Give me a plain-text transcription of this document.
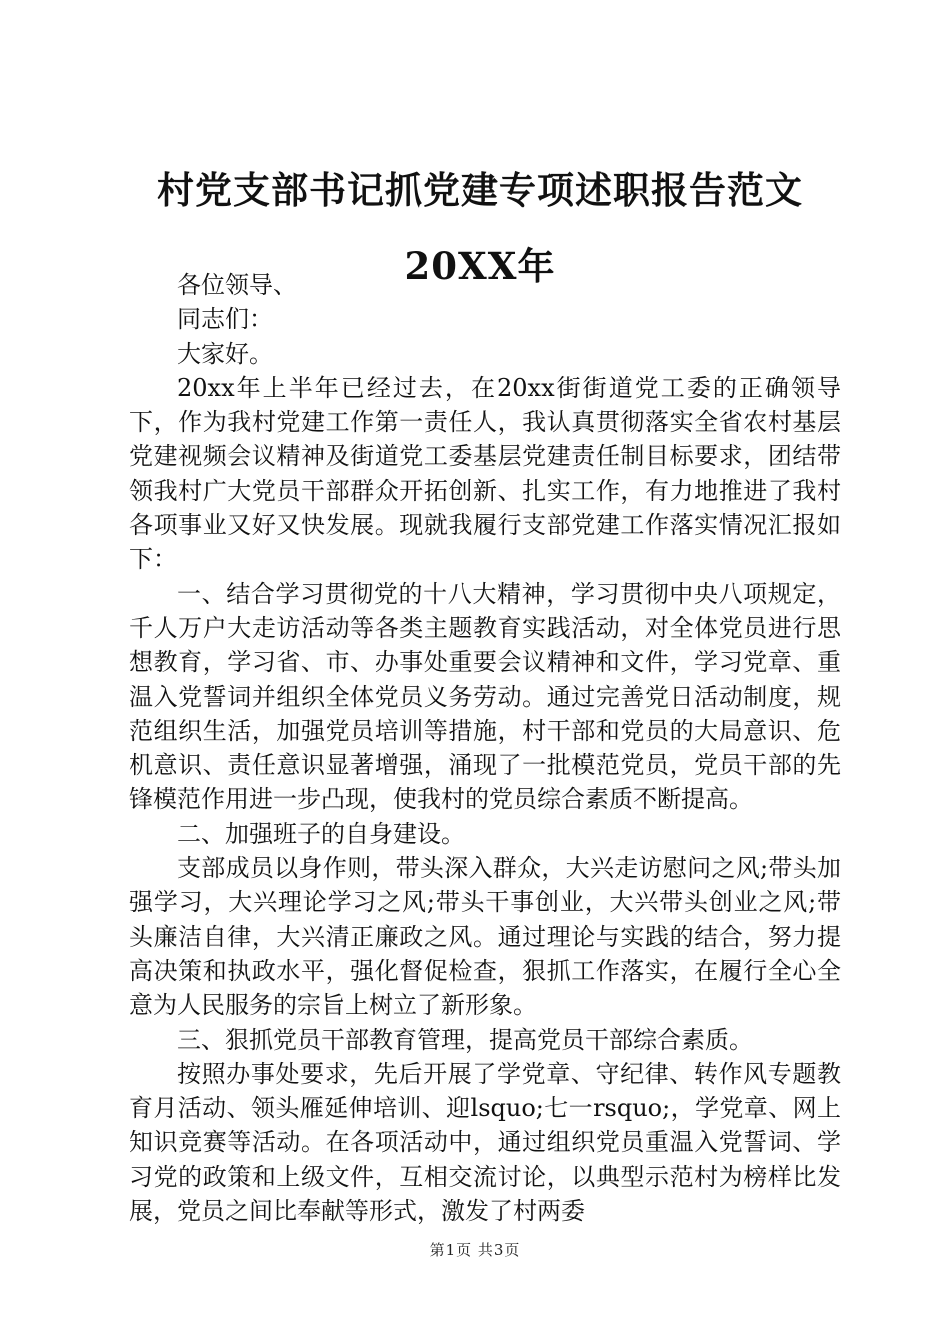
村党支部书记抓党建专项述职报告范文20XX年

各位领导、

同志们：

大家好。

20xx年上半年已经过去，在20xx街街道党工委的正确领导下，作为我村党建工作第一责任人，我认真贯彻落实全省农村基层党建视频会议精神及街道党工委基层党建责任制目标要求，团结带领我村广大党员干部群众开拓创新、扎实工作，有力地推进了我村各项事业又好又快发展。现就我履行支部党建工作落实情况汇报如下：

一、结合学习贯彻党的十八大精神，学习贯彻中央八项规定，千人万户大走访活动等各类主题教育实践活动，对全体党员进行思想教育，学习省、市、办事处重要会议精神和文件，学习党章、重温入党誓词并组织全体党员义务劳动。通过完善党日活动制度，规范组织生活，加强党员培训等措施，村干部和党员的大局意识、危机意识、责任意识显著增强，涌现了一批模范党员，党员干部的先锋模范作用进一步凸现，使我村的党员综合素质不断提高。

二、加强班子的自身建设。

支部成员以身作则，带头深入群众，大兴走访慰问之风;带头加强学习，大兴理论学习之风;带头干事创业，大兴带头创业之风;带头廉洁自律，大兴清正廉政之风。通过理论与实践的结合，努力提高决策和执政水平，强化督促检查，狠抓工作落实，在履行全心全意为人民服务的宗旨上树立了新形象。

三、狠抓党员干部教育管理，提高党员干部综合素质。

按照办事处要求，先后开展了学党章、守纪律、转作风专题教育月活动、领头雁延伸培训、迎lsquo;七一rsquo;，学党章、网上知识竞赛等活动。在各项活动中，通过组织党员重温入党誓词、学习党的政策和上级文件，互相交流讨论，以典型示范村为榜样比发展，党员之间比奉献等形式，激发了村两委

第1页 共3页
